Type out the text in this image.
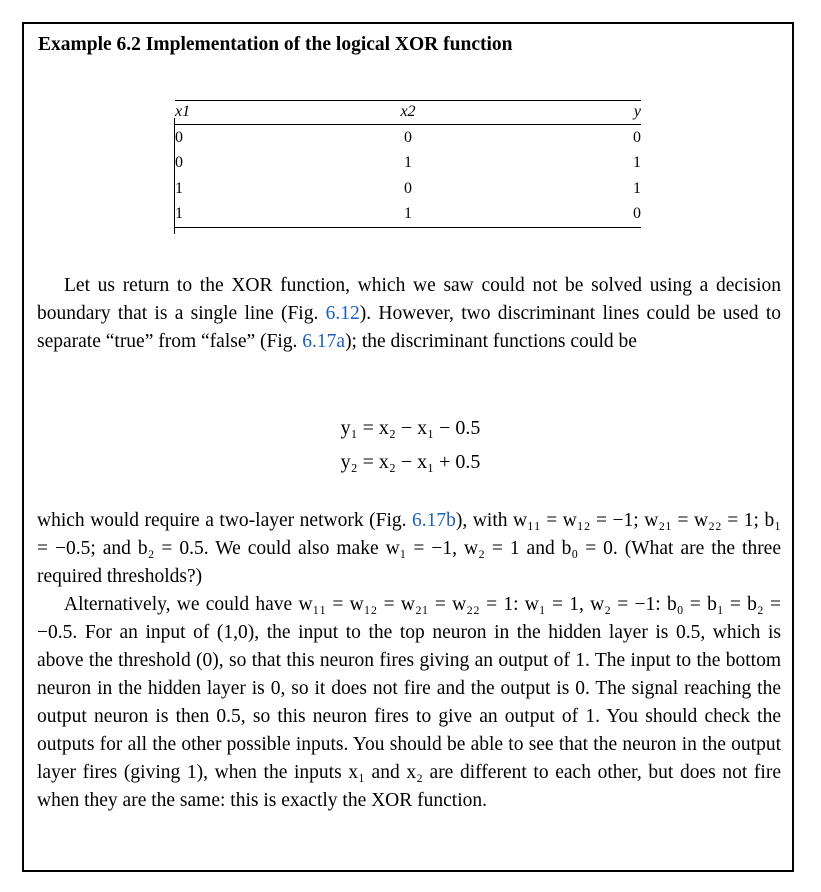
Example 6.2 Implementation of the logical XOR function
x1	x2	y
0	0	0
0	1	1
1	0	1
1	1	0

Let us return to the XOR function, which we saw could not be solved using a decision boundary that is a single line (Fig. 6.12). However, two discriminant lines could be used to separate “true” from “false” (Fig. 6.17a); the discriminant functions could be

y₁ = x₂ − x₁ − 0.5
y₂ = x₂ − x₁ + 0.5

which would require a two-layer network (Fig. 6.17b), with w₁₁ = w₁₂ = −1; w₂₁ = w₂₂ = 1; b₁ = −0.5; and b₂ = 0.5. We could also make w₁ = −1, w₂ = 1 and b₀ = 0. (What are the three required thresholds?)

Alternatively, we could have w₁₁ = w₁₂ = w₂₁ = w₂₂ = 1: w₁ = 1, w₂ = −1: b₀ = b₁ = b₂ = −0.5. For an input of (1,0), the input to the top neuron in the hidden layer is 0.5, which is above the threshold (0), so that this neuron fires giving an output of 1. The input to the bottom neuron in the hidden layer is 0, so it does not fire and the output is 0. The signal reaching the output neuron is then 0.5, so this neuron fires to give an output of 1. You should check the outputs for all the other possible inputs. You should be able to see that the neuron in the output layer fires (giving 1), when the inputs x₁ and x₂ are different to each other, but does not fire when they are the same: this is exactly the XOR function.
